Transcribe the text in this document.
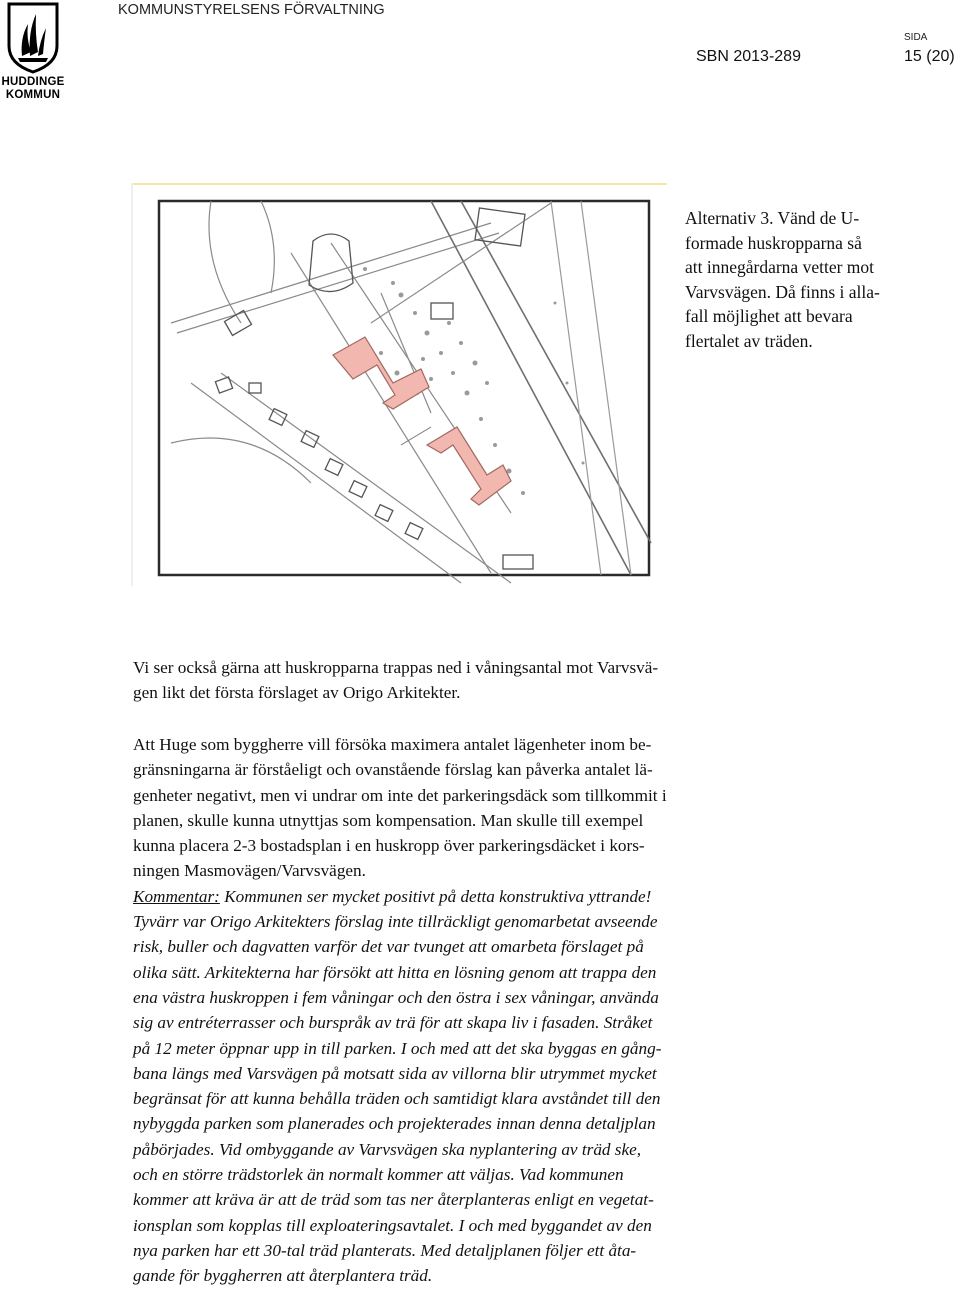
HUDDINGE
KOMMUN
KOMMUNSTYRELSENS FÖRVALTNING
SIDA
SBN 2013-289	15 (20)
Alternativ 3. Vänd de U-
formade huskropparna så
att innegårdarna vetter mot
Varvsvägen. Då finns i alla-
fall möjlighet att bevara
flertalet av träden.
Vi ser också gärna att huskropparna trappas ned i våningsantal mot Varvsvä-
gen likt det första förslaget av Origo Arkitekter.
Att Huge som byggherre vill försöka maximera antalet lägenheter inom be-
gränsningarna är förståeligt och ovanstående förslag kan påverka antalet lä-
genheter negativt, men vi undrar om inte det parkeringsdäck som tillkommit i
planen, skulle kunna utnyttjas som kompensation. Man skulle till exempel
kunna placera 2-3 bostadsplan i en huskropp över parkeringsdäcket i kors-
ningen Masmovägen/Varvsvägen.
Kommentar: Kommunen ser mycket positivt på detta konstruktiva yttrande!
Tyvärr var Origo Arkitekters förslag inte tillräckligt genomarbetat avseende
risk, buller och dagvatten varför det var tvunget att omarbeta förslaget på
olika sätt. Arkitekterna har försökt att hitta en lösning genom att trappa den
ena västra huskroppen i fem våningar och den östra i sex våningar, använda
sig av entréterrasser och burspråk av trä för att skapa liv i fasaden. Stråket
på 12 meter öppnar upp in till parken. I och med att det ska byggas en gång-
bana längs med Varsvägen på motsatt sida av villorna blir utrymmet mycket
begränsat för att kunna behålla träden och samtidigt klara avståndet till den
nybyggda parken som planerades och projekterades innan denna detaljplan
påbörjades. Vid ombyggande av Varvsvägen ska nyplantering av träd ske,
och en större trädstorlek än normalt kommer att väljas. Vad kommunen
kommer att kräva är att de träd som tas ner återplanteras enligt en vegetat-
ionsplan som kopplas till exploateringsavtalet. I och med byggandet av den
nya parken har ett 30-tal träd planterats. Med detaljplanen följer ett åta-
gande för byggherren att återplantera träd.
